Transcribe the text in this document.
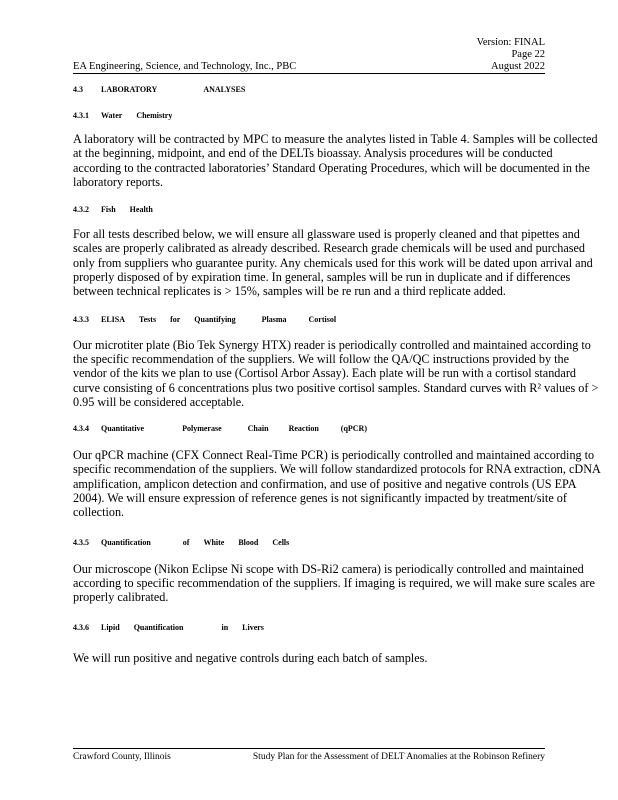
Version: FINAL
Page 22
August 2022
EA Engineering, Science, and Technology, Inc., PBC
4.3	LABORATORY	ANALYSES
4.3.1	Water Chemistry

A laboratory will be contracted by MPC to measure the analytes listed in Table 4. Samples will be collected at the beginning, midpoint, and end of the DELTs bioassay. Analysis procedures will be conducted according to the contracted laboratories’ Standard Operating Procedures, which will be documented in the laboratory reports.

4.3.2	Fish Health

For all tests described below, we will ensure all glassware used is properly cleaned and that pipettes and scales are properly calibrated as already described. Research grade chemicals will be used and purchased only from suppliers who guarantee purity. Any chemicals used for this work will be dated upon arrival and properly disposed of by expiration time. In general, samples will be run in duplicate and if differences between technical replicates is > 15%, samples will be re run and a third replicate added.

4.3.3	ELISA Tests for Quantifying	Plasma	Cortisol

Our microtiter plate (Bio Tek Synergy HTX) reader is periodically controlled and maintained according to the specific recommendation of the suppliers. We will follow the QA/QC instructions provided by the vendor of the kits we plan to use (Cortisol Arbor Assay). Each plate will be run with a cortisol standard curve consisting of 6 concentrations plus two positive cortisol samples. Standard curves with R² values of > 0.95 will be considered acceptable.

4.3.4	Quantitative	Polymerase	Chain	Reaction	(qPCR)

Our qPCR machine (CFX Connect Real-Time PCR) is periodically controlled and maintained according to specific recommendation of the suppliers. We will follow standardized protocols for RNA extraction, cDNA amplification, amplicon detection and confirmation, and use of positive and negative controls (US EPA 2004). We will ensure expression of reference genes is not significantly impacted by treatment/site of collection.

4.3.5	Quantification	of White Blood Cells

Our microscope (Nikon Eclipse Ni scope with DS-Ri2 camera) is periodically controlled and maintained according to specific recommendation of the suppliers. If imaging is required, we will make sure scales are properly calibrated.

4.3.6	Lipid Quantification	in Livers

We will run positive and negative controls during each batch of samples.

Crawford County, Illinois	Study Plan for the Assessment of DELT Anomalies at the Robinson Refinery
